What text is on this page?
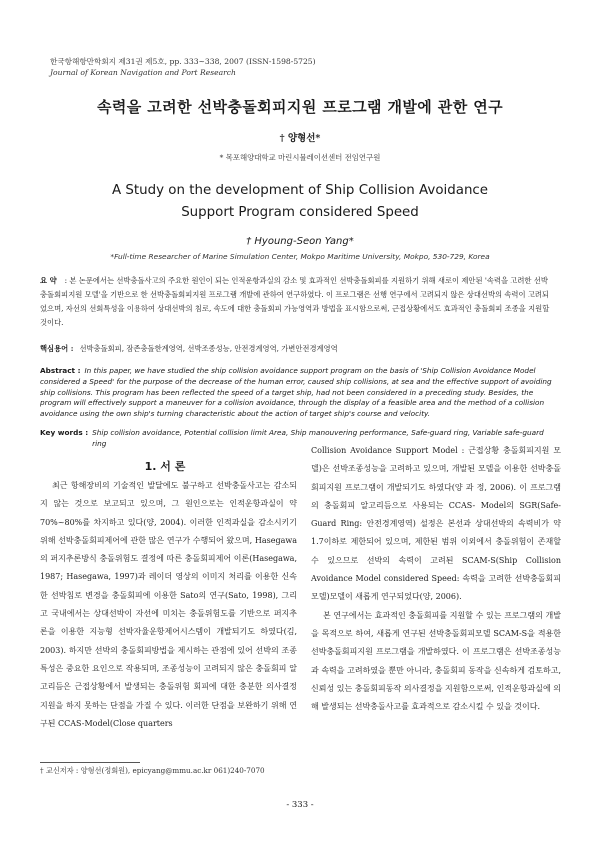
한국항해항만학회지 제31권 제5호, pp. 333~338, 2007 (ISSN-1598-5725)
Journal of Korean Navigation and Port Research
속력을 고려한 선박충돌회피지원 프로그램 개발에 관한 연구
† 양형선*
* 목포해양대학교 마린시뮬레이션센터 전임연구원
A Study on the development of Ship Collision Avoidance
Support Program considered Speed
† Hyoung-Seon Yang*
*Full-time Researcher of Marine Simulation Center, Mokpo Maritime University, Mokpo, 530-729, Korea
요 약 : 본 논문에서는 선박충돌사고의 주요한 원인이 되는 인적운항과실의 감소 및 효과적인 선박충돌회피를 지원하기 위해 새로이 제안된 '속력을 고려한 선박충돌회피지원 모델'을 기반으로 한 선박충돌회피지원 프로그램 개발에 관하여 연구하였다. 이 프로그램은 선행 연구에서 고려되지 않은 상대선박의 속력이 고려되었으며, 자선의 선회특성을 이용하여 상대선박의 침로, 속도에 대한 충돌회피 가능영역과 방법을 표시함으로써, 근접상황에서도 효과적인 충돌회피 조종을 지원할 것이다.
핵심용어 : 선박충돌회피, 잠존충돌한계영역, 선박조종성능, 안전경계영역, 가변안전경계영역
Abstract : In this paper, we have studied the ship collision avoidance support program on the basis of 'Ship Collision Avoidance Model considered a Speed' for the purpose of the decrease of the human error, caused ship collisions, at sea and the effective support of avoiding ship collisions. This program has been reflected the speed of a target ship, had not been considered in a preceding study. Besides, the program will effectively support a maneuver for a collision avoidance, through the display of a feasible area and the method of a collision avoidance using the own ship's turning characteristic about the action of target ship's course and velocity.
Key words : Ship collision avoidance, Potential collision limit Area, Ship manouvering performance, Safe-guard ring, Variable safe-guard ring
1. 서 론

최근 항해장비의 기술적인 발달에도 불구하고 선박충돌사고는 감소되지 않는 것으로 보고되고 있으며, 그 원인으로는 인적운항과실이 약 70%~80%를 차지하고 있다(양, 2004). 이러한 인적과실을 감소시키기 위해 선박충돌회피제어에 관한 많은 연구가 수행되어 왔으며, Hasegawa의 퍼지추론방식 충돌위험도 결정에 따른 충돌회피제어 이론(Hasegawa, 1987; Hasegawa, 1997)과 레이더 영상의 이미지 처리를 이용한 신속한 선박침로 변경을 충돌회피에 이용한 Sato의 연구(Sato, 1998), 그리고 국내에서는 상대선박이 자선에 미치는 충돌위험도를 기반으로 퍼지추론을 이용한 지능형 선박자율운항제어시스템이 개발되기도 하였다(김, 2003). 하지만 선박의 충돌회피방법을 제시하는 관점에 있어 선박의 조종특성은 중요한 요인으로 작용되며, 조종성능이 고려되지 않은 충돌회피 알고리듬은 근접상황에서 발생되는 충돌위험 회피에 대한 충분한 의사결정지원을 하지 못하는 단점을 가질 수 있다. 이러한 단점을 보완하기 위해 연구된 CCAS-Model(Close quarters

Collision Avoidance Support Model : 근접상황 충돌회피지원 모델)은 선박조종성능을 고려하고 있으며, 개발된 모델을 이용한 선박충돌회피지원 프로그램이 개발되기도 하였다(양 과 정, 2006). 이 프로그램의 충돌회피 알고리듬으로 사용되는 CCAS- Model의 SGR(Safe-Guard Ring: 안전경계영역) 설정은 본선과 상대선박의 속력비가 약 1.7이하로 제한되어 있으며, 제한된 범위 이외에서 충돌위험이 존재할 수 있으므로 선박의 속력이 고려된 SCAM-S(Ship Collision Avoidance Model considered Speed: 속력을 고려한 선박충돌회피모델)모델이 새롭게 연구되었다(양, 2006).

본 연구에서는 효과적인 충돌회피를 지원할 수 있는 프로그램의 개발을 목적으로 하여, 새롭게 연구된 선박충돌회피모델 SCAM-S을 적용한 선박충돌회피지원 프로그램을 개발하였다. 이 프로그램은 선박조종성능과 속력을 고려하였을 뿐만 아니라, 충돌회피 동작을 신속하게 검토하고, 신뢰성 있는 충돌회피동작 의사결정을 지원함으로써, 인적운항과실에 의해 발생되는 선박충돌사고를 효과적으로 감소시킬 수 있을 것이다.

† 교신저자 : 양형선(정회원), epicyang@mmu.ac.kr 061)240-7070
- 333 -
